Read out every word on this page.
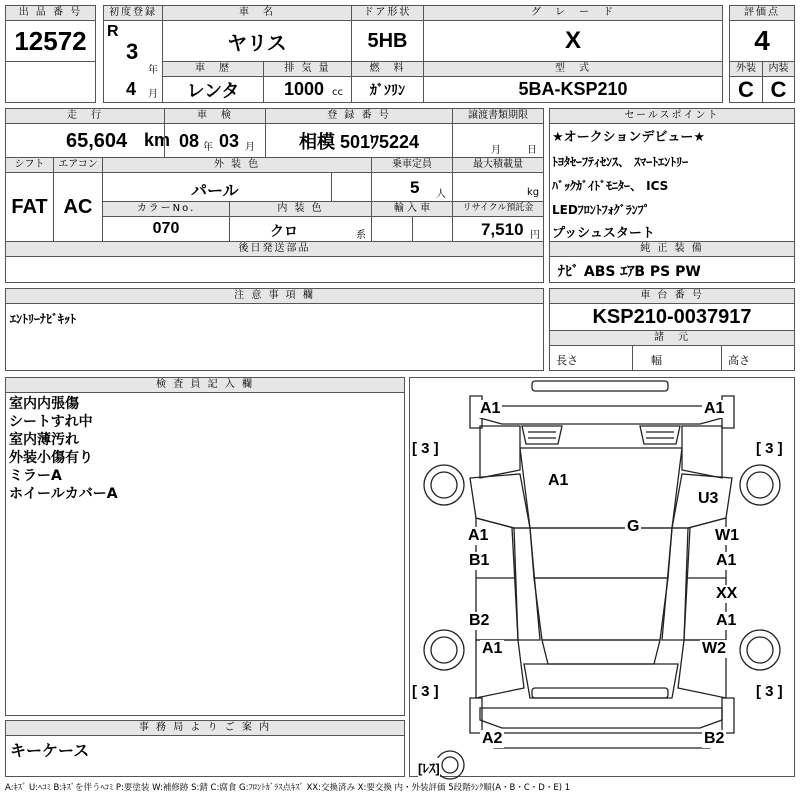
出 品 番 号
12572
初度登録
R
3
年
4 月
車　名
ヤリス
ドア形状
5HB
グ　レ　ー　ド
X
評価点
4
車　歴
レンタ
排 気 量
1000 cc
燃　料
ｶﾞｿﾘﾝ
型　式
5BA-KSP210
外装	内装
C C
走　行
65,604 km
車　検
08 年 03 月
登 録 番 号
相模 501ﾜ5224
譲渡書類期限
月	日
シフト
FAT
エアコン
AC
外 装 色
パール
乗車定員
5 人
最大積載量
kg
カラーNo.
070
内 装 色
クロ	系
輸 入 車	リサイクル預託金
7,510 円
後日発送部品
セールスポイント
★オークションデビュー★
ﾄﾖﾀｾｰﾌﾃｨｾﾝｽ、 ｽﾏｰﾄｴﾝﾄﾘｰ
ﾊﾞｯｸｶﾞｲﾄﾞﾓﾆﾀｰ、 ICS
LEDﾌﾛﾝﾄﾌｫｸﾞﾗﾝﾌﾟ
プッシュスタート
純 正 装 備
ﾅﾋﾞ ABS ｴｱB PS PW
注 意 事 項 欄
ｴﾝﾄﾘｰﾅﾋﾞｷｯﾄ
車 台 番 号
KSP210-0037917
諸　元
長さ	幅	高さ
検 査 員 記 入 欄
室内内張傷
シートすれ中
室内薄汚れ
外装小傷有り
ミラーA
ホイールカバーA
事 務 局 よ り ご 案 内
キーケース
A1	A1
A1
U3
G
A1
B1
W1
A1
XX
B2	A1
A1	W2
A2	B2
[ 3 ]	[ 3 ]
[ 3 ]	[ 3 ]
[ﾚｽ]
A:ｷｽﾞ U:ﾍｺﾐ B:ｷｽﾞを伴うﾍｺﾐ P:要塗装 W:補修跡 S:錆 C:腐食 G:ﾌﾛﾝﾄｶﾞﾗｽ点ｷｽﾞ XX:交換済み X:要交換 内・外装評価 5段階ﾗﾝｸ順(A・B・C・D・E) 1
